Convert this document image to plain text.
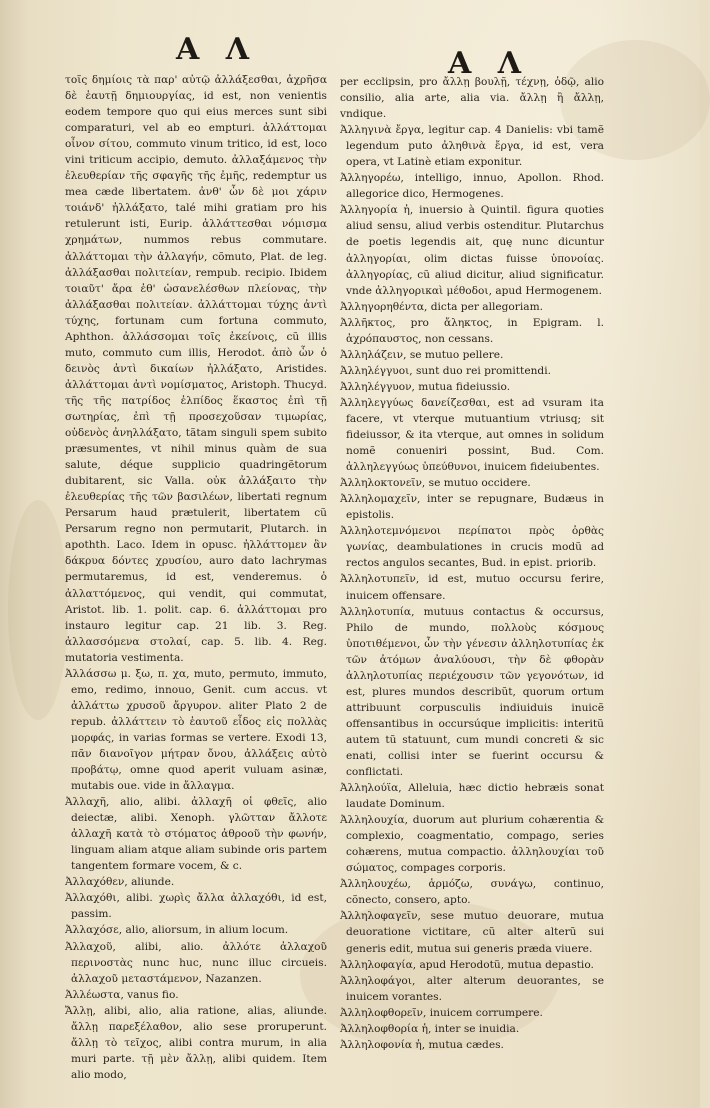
Α Λ	Α Λ

τοῖς δημίοις τὰ παρ' αὐτῷ ἀλλάξεσθαι, ἀχρῆσα δὲ ἑαυτῇ δημιουργίας, id est, non venientis eodem tempore quo qui eius merces sunt sibi comparaturi, vel ab eo empturi. ἀλλάττομαι οἶνον σίτου, commuto vinum tritico, id est, loco vini triticum accipio, demuto. ἀλλαξάμενος τὴν ἐλευθερίαν τῆς σφαγῆς τῆς ἐμῆς, redemptur us mea cæde libertatem. ἀνθ' ὧν δὲ μοι χάριν τοιάνδ' ἠλλάξατο, talé mihi gratiam pro his retulerunt isti, Eurip. ἀλλάττεσθαι νόμισμα χρημάτων, nummos rebus commutare. ἀλλάττομαι τὴν ἀλλαγήν, cõmuto, Plat. de leg. ἀλλάξασθαι πολιτείαν, rempub. recipio. Ibidem τοιαῦτ' ἄρα ἐθ' ὡσανελέσθων πλείονας, τὴν ἀλλάξασθαι πολιτείαν. ἀλλάττομαι τύχης ἀντὶ τύχης, fortunam cum fortuna commuto, Aphthon. ἀλλάσσομαι τοῖς ἐκείνοις, cũ illis muto, commuto cum illis, Herodot. ἀπὸ ὧν ὁ δεινὸς ἀντὶ δικαίων ἠλλάξατο, Aristides. ἀλλάττομαι ἀντὶ νομίσματος, Aristoph. Thucyd. τῆς τῆς πατρίδος ἐλπίδος ἕκαστος ἐπὶ τῇ σωτηρίας, ἐπὶ τῇ προσεχοῦσαν τιμωρίας, οὐδενὸς ἀνηλλάξατο, tãtam singuli spem subito præsumentes, vt nihil minus quàm de sua salute, déque supplicio quadringẽtorum dubitarent, sic Valla. οὐκ ἀλλάξαιτο τὴν ἐλευθερίας τῆς τῶν βασιλέων, libertati regnum Persarum haud prætulerit, libertatem cũ Persarum regno non permutarit, Plutarch. in apothth. Laco. Idem in opusc. ἠλλάττομεν ἂν δάκρυα δόντες χρυσίου, auro dato lachrymas permutaremus, id est, venderemus. ὁ ἀλλαττόμενος, qui vendit, qui commutat, Aristot. lib. 1. polit. cap. 6. ἀλλάττομαι pro instauro legitur cap. 21 lib. 3. Reg. ἀλλασσόμενα στολαί, cap. 5. lib. 4. Reg. mutatoria vestimenta.

Ἀλλάσσω μ. ξω, π. χα, muto, permuto, immuto, emo, redimo, innouo, Genit. cum accus. vt ἀλλάττω χρυσοῦ ἄργυρον. aliter Plato 2 de repub. ἀλλάττειν τὸ ἑαυτοῦ εἶδος εἰς πολλὰς μορφάς, in varias formas se vertere. Exodi 13, πᾶν διανοῖγον μήτραν ὄνου, ἀλλάξεις αὐτὸ προβάτῳ, omne quod aperit vuluam asinæ, mutabis oue. vide in ἄλλαγμα.

Ἀλλαχῆ, alio, alibi. ἀλλαχῆ οἱ φθεῖς, alio deiectæ, alibi. Xenoph. γλῶτταν ἄλλοτε ἀλλαχῆ κατὰ τὸ στόματος ἀθροοῦ τὴν φωνήν, linguam aliam atque aliam subinde oris partem tangentem formare vocem, & c.

Ἀλλαχόθεν, aliunde.

Ἀλλαχόθι, alibi. χωρὶς ἄλλα ἀλλαχόθι, id est, passim.

Ἀλλαχόσε, alio, aliorsum, in alium locum.

Ἀλλαχοῦ, alibi, alio. ἀλλότε ἀλλαχοῦ περινοστὰς nunc huc, nunc illuc circueis. ἀλλαχοῦ μεταστάμενον, Nazanzen.

Ἀλλέωστα, vanus fio.

Ἄλλῃ, alibi, alio, alia ratione, alias, aliunde. ἄλλῃ παρεξέλαθον, alio sese proruperunt. ἄλλῃ τὸ τεῖχος, alibi contra murum, in alia muri parte. τῇ μὲν ἄλλῃ, alibi quidem. Item alio modo,

per ecclipsin, pro ἄλλῃ βουλῇ, τέχνῃ, ὁδῷ, alio consilio, alia arte, alia via. ἄλλῃ ἢ ἄλλῃ, vndique.

Ἀλληγινὰ ἔργα, legitur cap. 4 Danielis: vbi tamẽ legendum puto ἀληθινὰ ἔργα, id est, vera opera, vt Latinè etiam exponitur.

Ἀλληγορέω, intelligo, innuo, Apollon. Rhod. allegorice dico, Hermogenes.

Ἀλληγορία ἡ, inuersio à Quintil. figura quoties aliud sensu, aliud verbis ostenditur. Plutarchus de poetis legendis ait, quę nunc dicuntur ἀλληγορίαι, olim dictas fuisse ὑπονοίας. ἀλληγορίας, cũ aliud dicitur, aliud significatur. vnde ἀλληγορικαὶ μέθοδοι, apud Hermogenem.

Ἀλληγορηθέντα, dicta per allegoriam.

Ἀλλῆκτος, pro ἄληκτος, in Epigram. l. ἀχρόπαυστος, non cessans.

Ἀλληλάζειν, se mutuo pellere.

Ἀλληλέγγυοι, sunt duo rei promittendi.

Ἀλληλέγγυον, mutua fideiussio.

Ἀλληλεγγύως δανείζεσθαι, est ad vsuram ita facere, vt vterque mutuantium vtriusq; sit fideiussor, & ita vterque, aut omnes in solidum nomẽ conueniri possint, Bud. Com. ἀλληλεγγύως ὑπεύθυνοι, inuicem fideiubentes.

Ἀλληλοκτονεῖν, se mutuo occidere.

Ἀλληλομαχεῖν, inter se repugnare, Budæus in epistolis.

Ἀλληλοτεμνόμενοι περίπατοι πρὸς ὀρθὰς γωνίας, deambulationes in crucis modũ ad rectos angulos secantes, Bud. in epist. priorib.

Ἀλληλοτυπεῖν, id est, mutuo occursu ferire, inuicem offensare.

Ἀλληλοτυπία, mutuus contactus & occursus, Philo de mundo, πολλοὺς κόσμους ὑποτιθέμενοι, ὧν τὴν γένεσιν ἀλληλοτυπίας ἐκ τῶν ἀτόμων ἀναλύουσι, τὴν δὲ φθορὰν ἀλληλοτυπίας περιέχουσιν τῶν γεγονότων, id est, plures mundos describũt, quorum ortum attribuunt corpusculis indiuiduis inuicẽ offensantibus in occursúque implicitis: interitũ autem tũ statuunt, cum mundi concreti & sic enati, collisi inter se fuerint occursu & conflictati.

Ἀλληλούϊα, Alleluia, hæc dictio hebræis sonat laudate Dominum.

Ἀλληλουχία, duorum aut plurium cohærentia & complexio, coagmentatio, compago, series cohærens, mutua compactio. ἀλληλουχίαι τοῦ σώματος, compages corporis.

Ἀλληλουχέω, ἁρμόζω, συνάγω, continuo, cõnecto, consero, apto.

Ἀλληλοφαγεῖν, sese mutuo deuorare, mutua deuoratione victitare, cũ alter alterũ sui generis edit, mutua sui generis præda viuere.

Ἀλληλοφαγία, apud Herodotũ, mutua depastio.

Ἀλληλοφάγοι, alter alterum deuorantes, se inuicem vorantes.

Ἀλληλοφθορεῖν, inuicem corrumpere.

Ἀλληλοφθορία ἡ, inter se inuidia.

Ἀλληλοφονία ἡ, mutua cædes.
